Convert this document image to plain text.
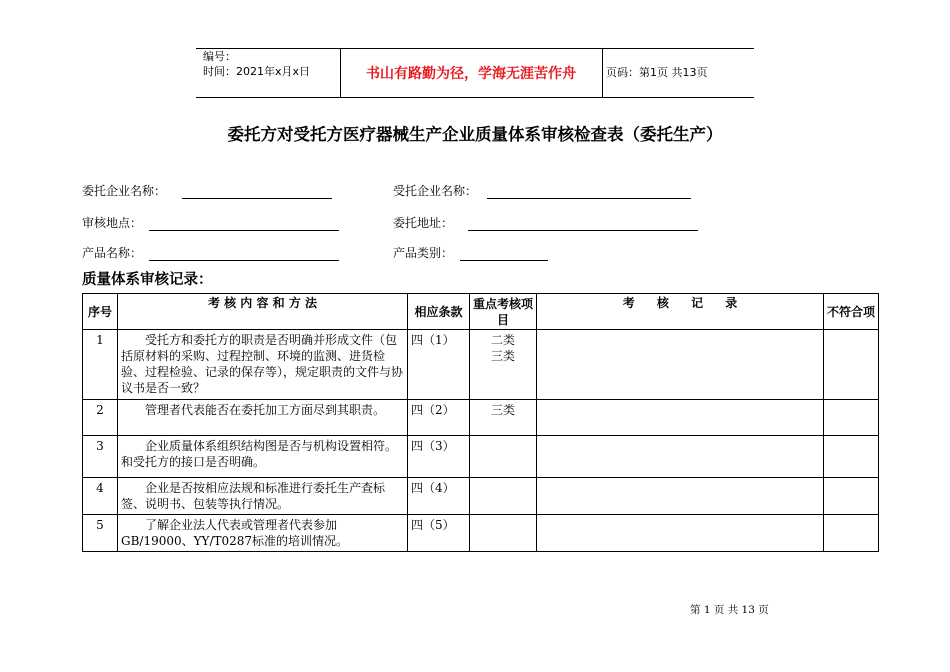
编号：
时间：2021年x月x日	书山有路勤为径，学海无涯苦作舟	页码：第1页 共13页
委托方对受托方医疗器械生产企业质量体系审核检查表（委托生产）
委托企业名称：	受托企业名称：
审核地点：	委托地址：
产品名称：	产品类别：
质量体系审核记录：
序号	考 核 内 容 和 方 法	相应条款	重点考核项目	考 核 记 录	不符合项
1	受托方和委托方的职责是否明确并形成文件（包括原材料的采购、过程控制、环境的监测、进货检验、过程检验、记录的保存等），规定职责的文件与协议书是否一致？	四（1）	二类
三类		
2	管理者代表能否在委托加工方面尽到其职责。	四（2）	三类		
3	企业质量体系组织结构图是否与机构设置相符。和受托方的接口是否明确。	四（3）			
4	企业是否按相应法规和标准进行委托生产查标签、说明书、包装等执行情况。	四（4）			
5	了解企业法人代表或管理者代表参加GB/19000、YY/T0287标准的培训情况。	四（5）			
第 1 页 共 13 页
